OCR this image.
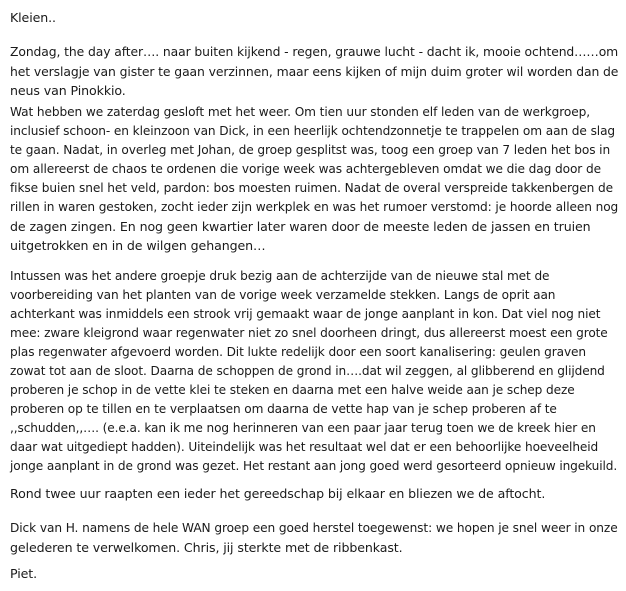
Kleien..

Zondag, the day after…. naar buiten kijkend - regen, grauwe lucht - dacht ik, mooie ochtend……om
het verslagje van gister te gaan verzinnen, maar eens kijken of mijn duim groter wil worden dan de
neus van Pinokkio.

Wat hebben we zaterdag gesloft met het weer. Om tien uur stonden elf leden van de werkgroep,
inclusief schoon- en kleinzoon van Dick, in een heerlijk ochtendzonnetje te trappelen om aan de slag
te gaan. Nadat, in overleg met Johan, de groep gesplitst was, toog een groep van 7 leden het bos in
om allereerst de chaos te ordenen die vorige week was achtergebleven omdat we die dag door de
fikse buien snel het veld, pardon: bos moesten ruimen. Nadat de overal verspreide takkenbergen de
rillen in waren gestoken, zocht ieder zijn werkplek en was het rumoer verstomd: je hoorde alleen nog
de zagen zingen. En nog geen kwartier later waren door de meeste leden de jassen en truien
uitgetrokken en in de wilgen gehangen…

Intussen was het andere groepje druk bezig aan de achterzijde van de nieuwe stal met de
voorbereiding van het planten van de vorige week verzamelde stekken. Langs de oprit aan
achterkant was inmiddels een strook vrij gemaakt waar de jonge aanplant in kon. Dat viel nog niet
mee: zware kleigrond waar regenwater niet zo snel doorheen dringt, dus allereerst moest een grote
plas regenwater afgevoerd worden. Dit lukte redelijk door een soort kanalisering: geulen graven
zowat tot aan de sloot. Daarna de schoppen de grond in….dat wil zeggen, al glibberend en glijdend
proberen je schop in de vette klei te steken en daarna met een halve weide aan je schep deze
proberen op te tillen en te verplaatsen om daarna de vette hap van je schep proberen af te
,,schudden,,…. (e.e.a. kan ik me nog herinneren van een paar jaar terug toen we de kreek hier en
daar wat uitgediept hadden). Uiteindelijk was het resultaat wel dat er een behoorlijke hoeveelheid
jonge aanplant in de grond was gezet. Het restant aan jong goed werd gesorteerd opnieuw ingekuild.

Rond twee uur raapten een ieder het gereedschap bij elkaar en bliezen we de aftocht.

Dick van H. namens de hele WAN groep een goed herstel toegewenst: we hopen je snel weer in onze
gelederen te verwelkomen. Chris, jij sterkte met de ribbenkast.

Piet.
